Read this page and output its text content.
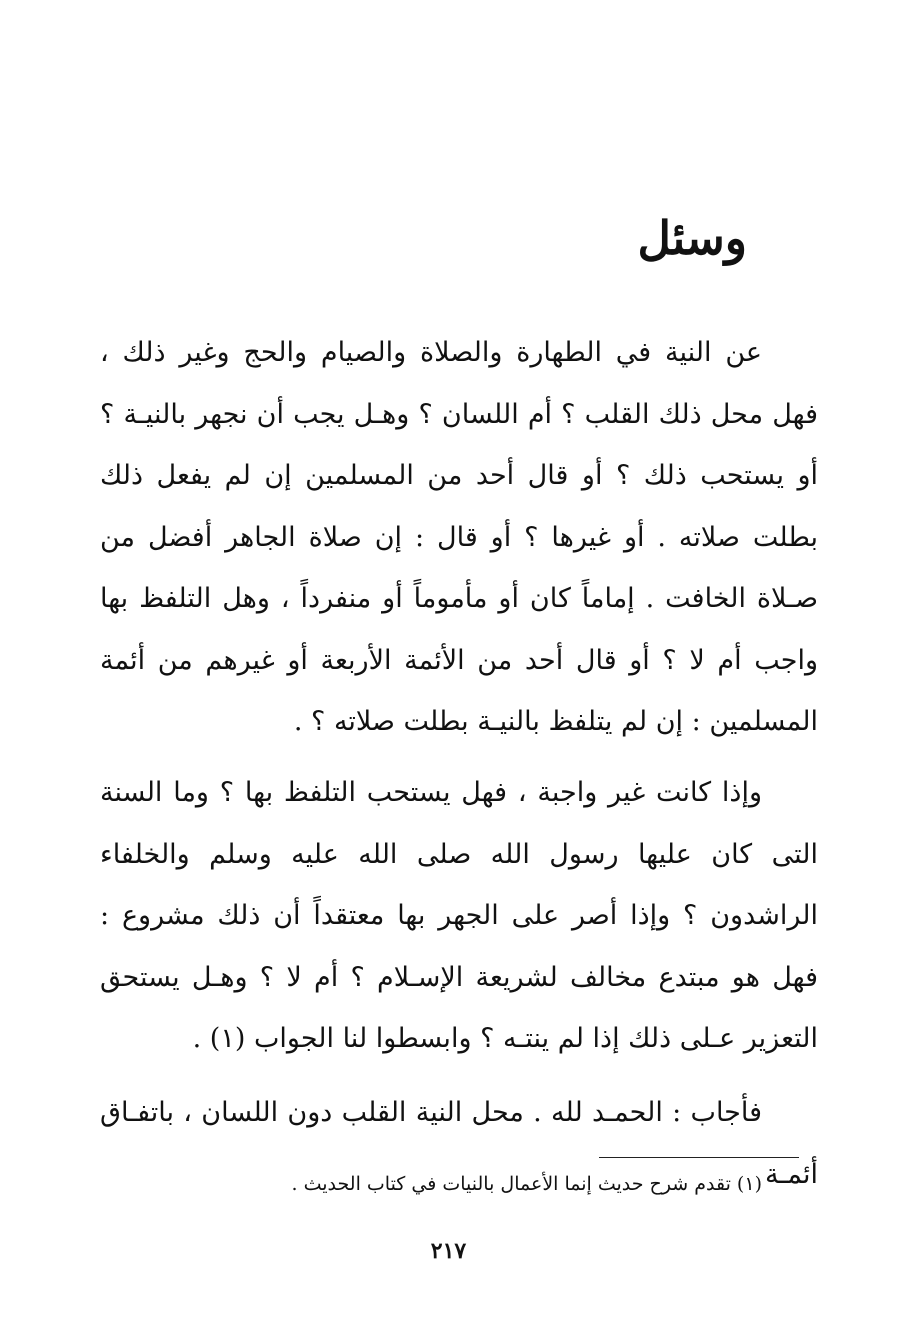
وسئل

عن النية في الطهارة والصلاة والصيام والحج وغير ذلك ، فهل محل ذلك القلب ؟ أم اللسان ؟ وهـل يجب أن نجهر بالنيـة ؟ أو يستحب ذلك ؟ أو قال أحد من المسلمين إن لم يفعل ذلك بطلت صلاته . أو غيرها ؟ أو قال : إن صلاة الجاهر أفضل من صـلاة الخافت . إماماً كان أو مأموماً أو منفرداً ، وهل التلفظ بها واجب أم لا ؟ أو قال أحد من الأئمة الأربعة أو غيرهم من أئمة المسلمين : إن لم يتلفظ بالنيـة بطلت صلاته ؟ .

وإذا كانت غير واجبة ، فهل يستحب التلفظ بها ؟ وما السنة التى كان عليها رسول الله صلى الله عليه وسلم والخلفاء الراشدون ؟ وإذا أصر على الجهر بها معتقداً أن ذلك مشروع : فهل هو مبتدع مخالف لشريعة الإسـلام ؟ أم لا ؟ وهـل يستحق التعزير عـلى ذلك إذا لم ينتـه ؟ وابسطوا لنا الجواب (١) .

فأجاب : الحمـد لله . محل النية القلب دون اللسان ، باتفـاق أئمـة

(١) تقدم شرح حديث إنما الأعمال بالنيات في كتاب الحديث .
٢١٧
